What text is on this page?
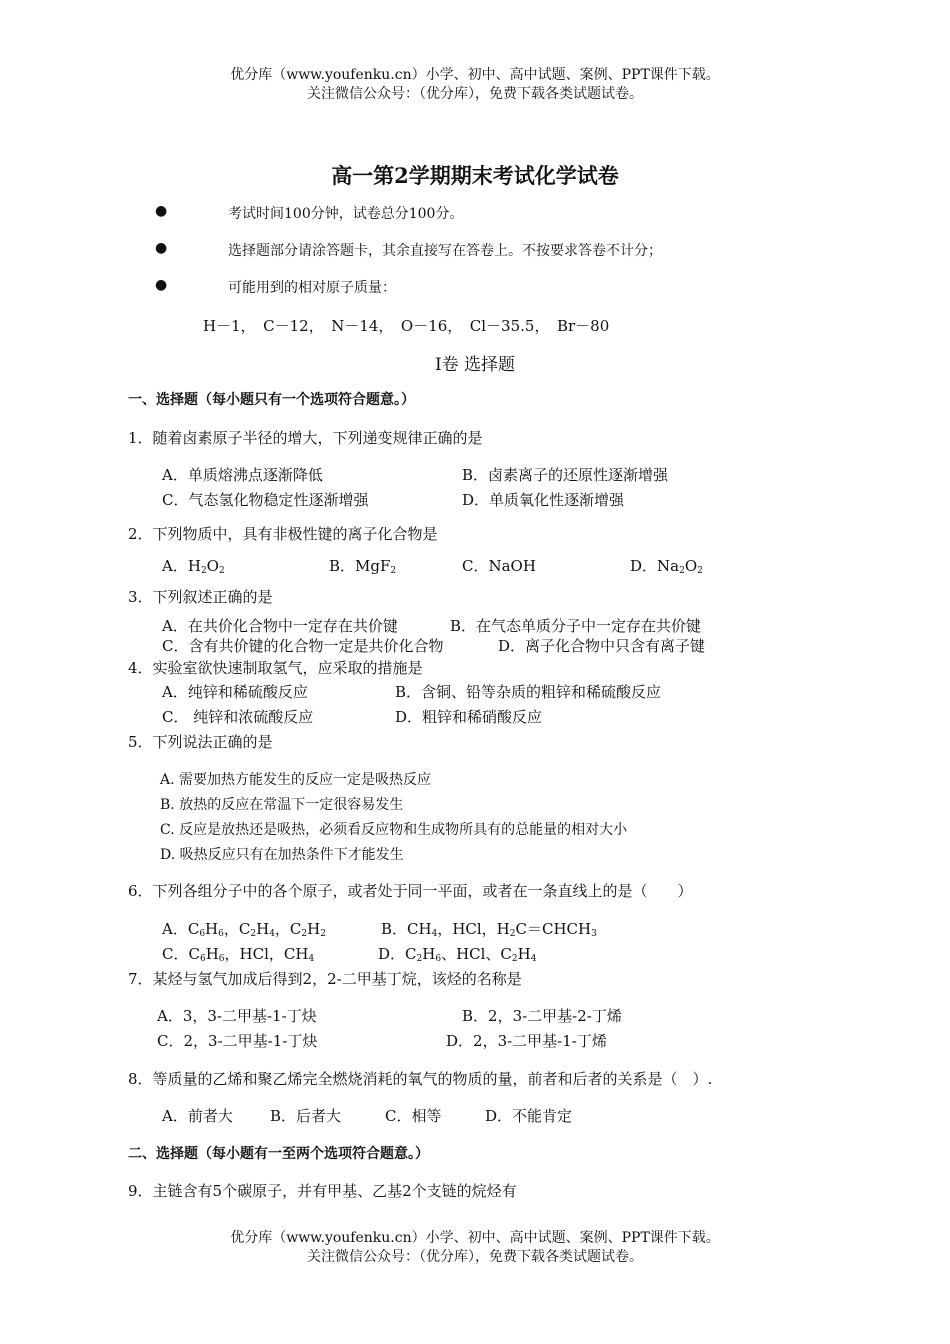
优分库（www.youfenku.cn）小学、初中、高中试题、案例、PPT课件下载。
关注微信公众号：（优分库），免费下载各类试题试卷。
高一第2学期期末考试化学试卷
●	考试时间100分钟，试卷总分100分。
●	选择题部分请涂答题卡，其余直接写在答卷上。不按要求答卷不计分；
●	可能用到的相对原子质量：
H－1，　C－12，　N－14，　O－16，　Cl－35.5，　Br－80
Ⅰ卷 选择题
一、选择题（每小题只有一个选项符合题意。）
1．随着卤素原子半径的增大，下列递变规律正确的是
A．单质熔沸点逐渐降低	B．卤素离子的还原性逐渐增强
C．气态氢化物稳定性逐渐增强	D．单质氧化性逐渐增强
2．下列物质中，具有非极性键的离子化合物是
A．$H_2O_2$	B．MgF$_2$	C．NaOH	D．$Na_2O_2$
3．下列叙述正确的是
A．在共价化合物中一定存在共价键	B．在气态单质分子中一定存在共价键
C．含有共价键的化合物一定是共价化合物	D．离子化合物中只含有离子键
4．实验室欲快速制取氢气，应采取的措施是
A．纯锌和稀硫酸反应	B．含铜、铅等杂质的粗锌和稀硫酸反应
C． 纯锌和浓硫酸反应	D．粗锌和稀硝酸反应
5．下列说法正确的是
A. 需要加热方能发生的反应一定是吸热反应
B. 放热的反应在常温下一定很容易发生
C. 反应是放热还是吸热，必须看反应物和生成物所具有的总能量的相对大小
D. 吸热反应只有在加热条件下才能发生
6．下列各组分子中的各个原子，或者处于同一平面，或者在一条直线上的是（　　）
A．$C_6H_6$，$C_2H_4$，$C_2H_2$	B．$CH_4$，HCl，$H_2C=CHCH_3$
C．$C_6H_6$，HCl，$CH_4$	D．$C_2H_6$、HCl、$C_2H_4$
7．某烃与氢气加成后得到2，2-二甲基丁烷，该烃的名称是
A．3，3-二甲基-1-丁炔	B．2，3-二甲基-2-丁烯
C．2，3-二甲基-1-丁炔	D．2，3-二甲基-1-丁烯
8．等质量的乙烯和聚乙烯完全燃烧消耗的氧气的物质的量，前者和后者的关系是（　）.
A．前者大 B．后者大	C．相等	D．不能肯定
二、选择题（每小题有一至两个选项符合题意。）
9．主链含有5个碳原子，并有甲基、乙基2个支链的烷烃有
优分库（www.youfenku.cn）小学、初中、高中试题、案例、PPT课件下载。
关注微信公众号：（优分库），免费下载各类试题试卷。
